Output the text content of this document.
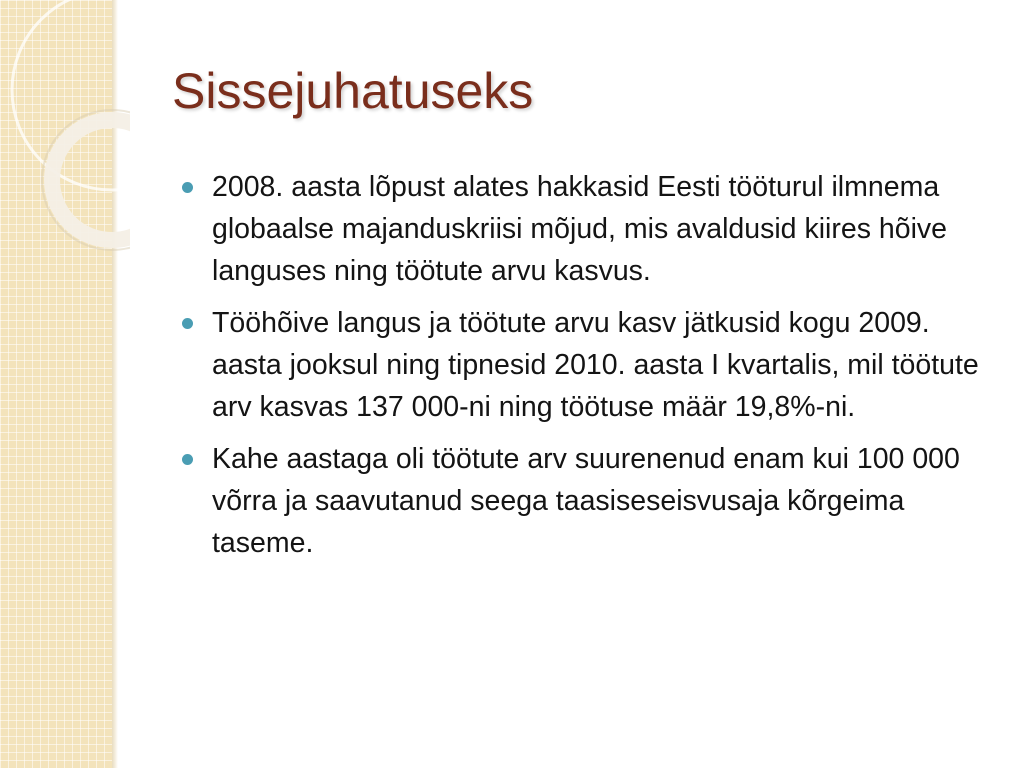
Sissejuhatuseks
2008. aasta lõpust alates hakkasid Eesti tööturul ilmnema globaalse majanduskriisi mõjud, mis avaldusid kiires hõive languses ning töötute arvu kasvus.
Tööhõive langus ja töötute arvu kasv jätkusid kogu 2009. aasta jooksul ning tipnesid 2010. aasta I kvartalis, mil töötute arv kasvas 137 000-ni ning töötuse määr 19,8%-ni.
Kahe aastaga oli töötute arv suurenenud enam kui 100 000 võrra ja saavutanud seega taasiseseisvusaja kõrgeima taseme.
